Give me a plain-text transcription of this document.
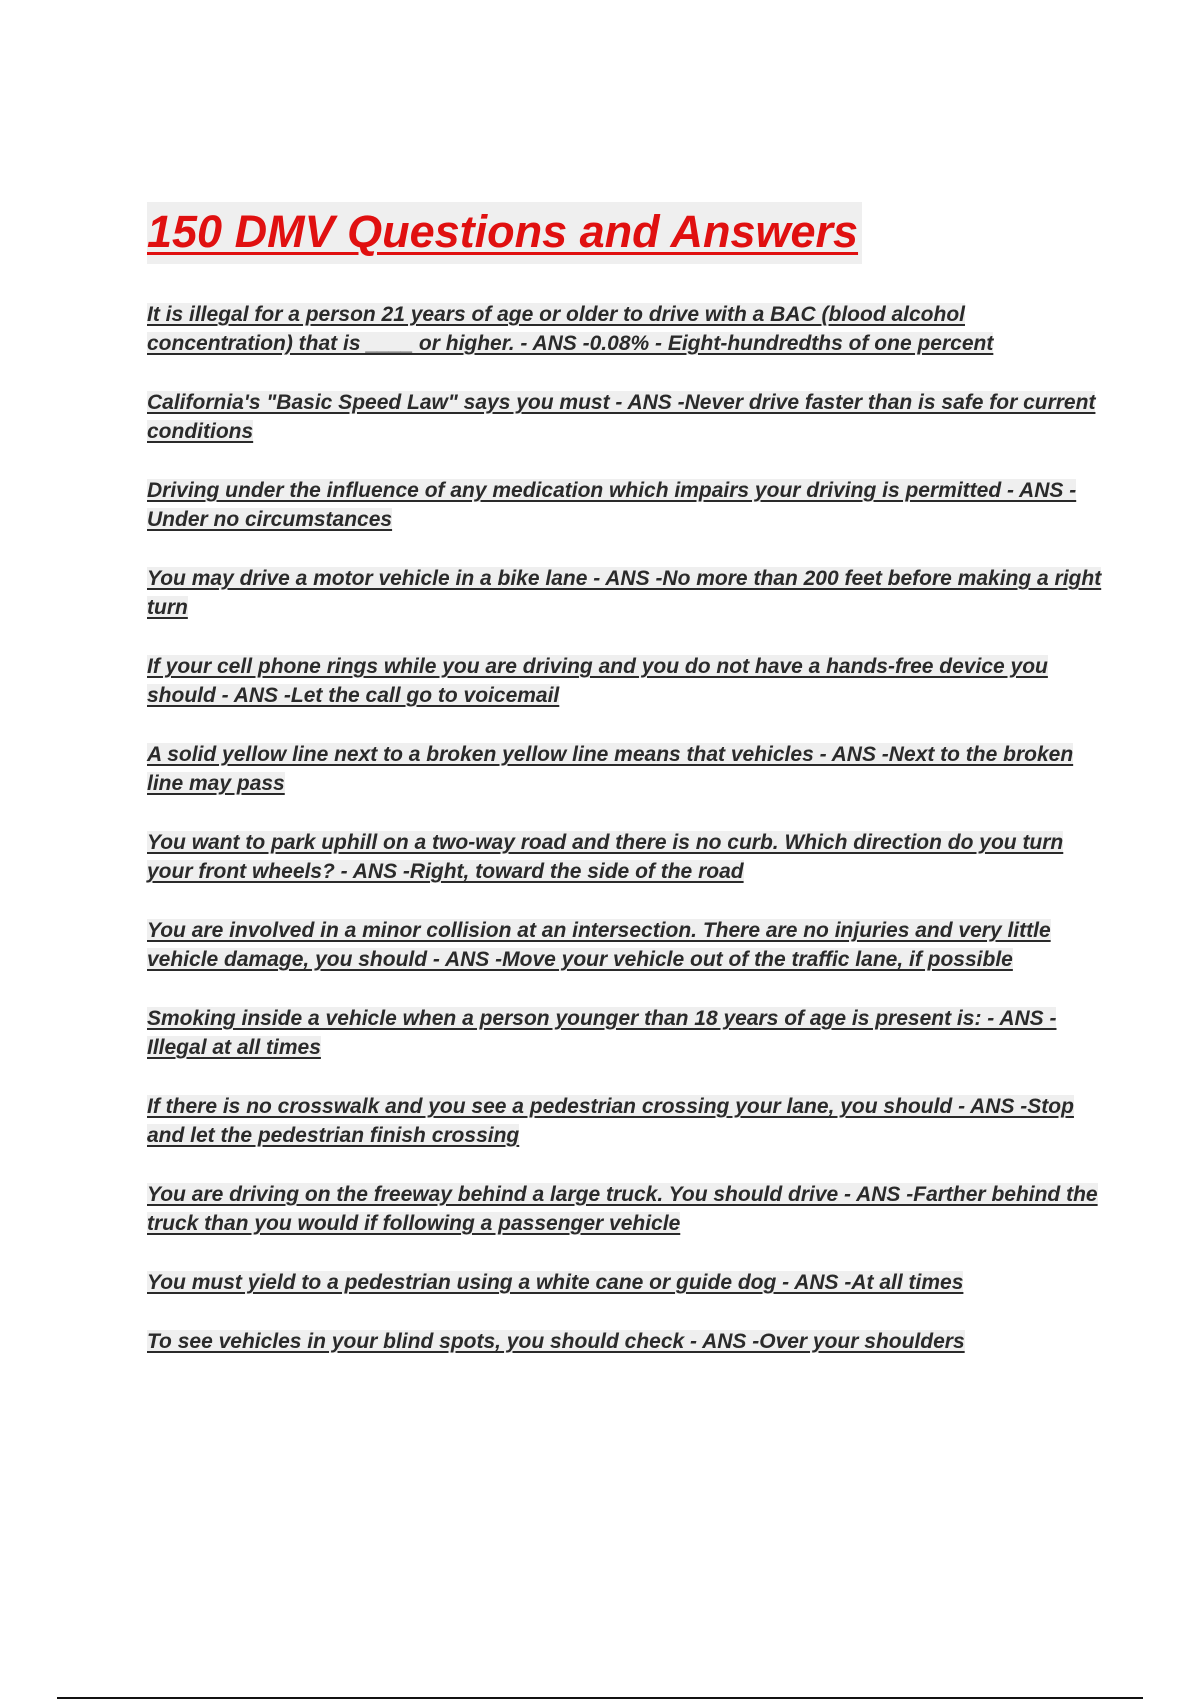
150 DMV Questions and Answers
It is illegal for a person 21 years of age or older to drive with a BAC (blood alcohol concentration) that is ____ or higher. - ANS -0.08% - Eight-hundredths of one percent
California's "Basic Speed Law" says you must - ANS -Never drive faster than is safe for current conditions
Driving under the influence of any medication which impairs your driving is permitted - ANS -Under no circumstances
You may drive a motor vehicle in a bike lane - ANS -No more than 200 feet before making a right turn
If your cell phone rings while you are driving and you do not have a hands-free device you should - ANS -Let the call go to voicemail
A solid yellow line next to a broken yellow line means that vehicles - ANS -Next to the broken line may pass
You want to park uphill on a two-way road and there is no curb. Which direction do you turn your front wheels? - ANS -Right, toward the side of the road
You are involved in a minor collision at an intersection. There are no injuries and very little vehicle damage, you should - ANS -Move your vehicle out of the traffic lane, if possible
Smoking inside a vehicle when a person younger than 18 years of age is present is: - ANS -Illegal at all times
If there is no crosswalk and you see a pedestrian crossing your lane, you should - ANS -Stop and let the pedestrian finish crossing
You are driving on the freeway behind a large truck. You should drive - ANS -Farther behind the truck than you would if following a passenger vehicle
You must yield to a pedestrian using a white cane or guide dog - ANS -At all times
To see vehicles in your blind spots, you should check - ANS -Over your shoulders
